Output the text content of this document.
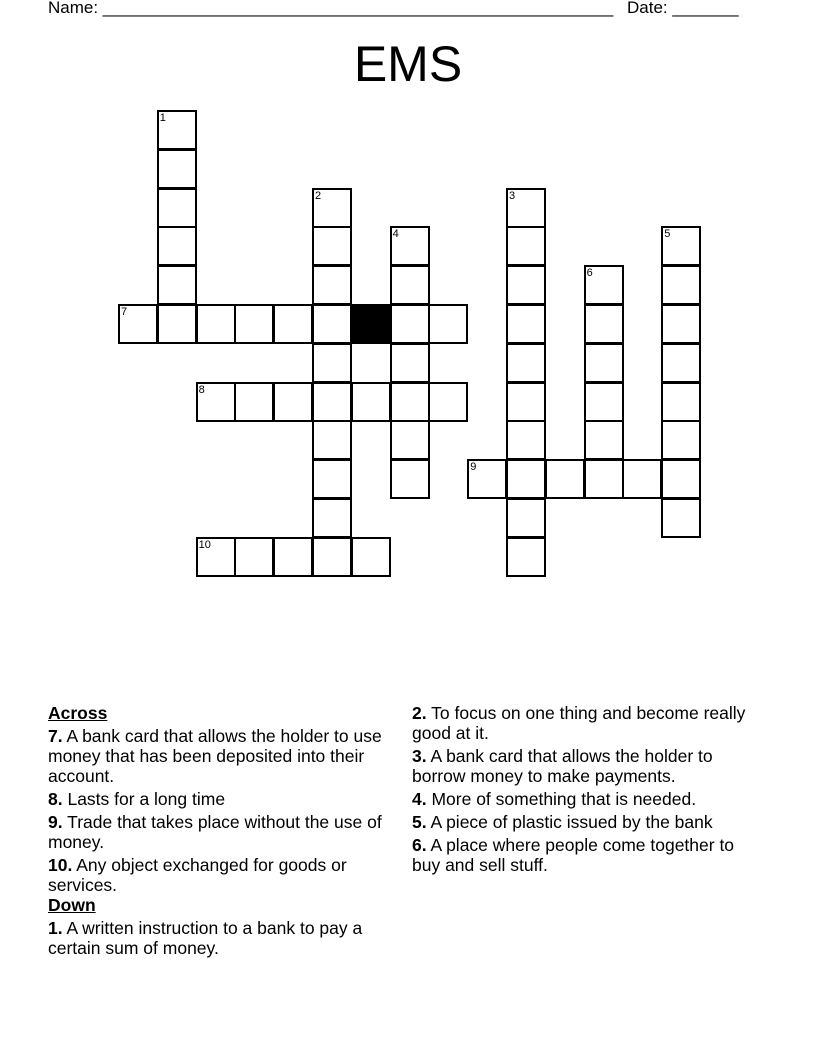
Name: ______________________________________________________ Date: _______
EMS
1
2	3
4	5
6
7
8
9
10
Across
7. A bank card that allows the holder to use money that has been deposited into their account.
8. Lasts for a long time
9. Trade that takes place without the use of money.
10. Any object exchanged for goods or services.
Down
1. A written instruction to a bank to pay a certain sum of money.
2. To focus on one thing and become really good at it.
3. A bank card that allows the holder to borrow money to make payments.
4. More of something that is needed.
5. A piece of plastic issued by the bank
6. A place where people come together to buy and sell stuff.
